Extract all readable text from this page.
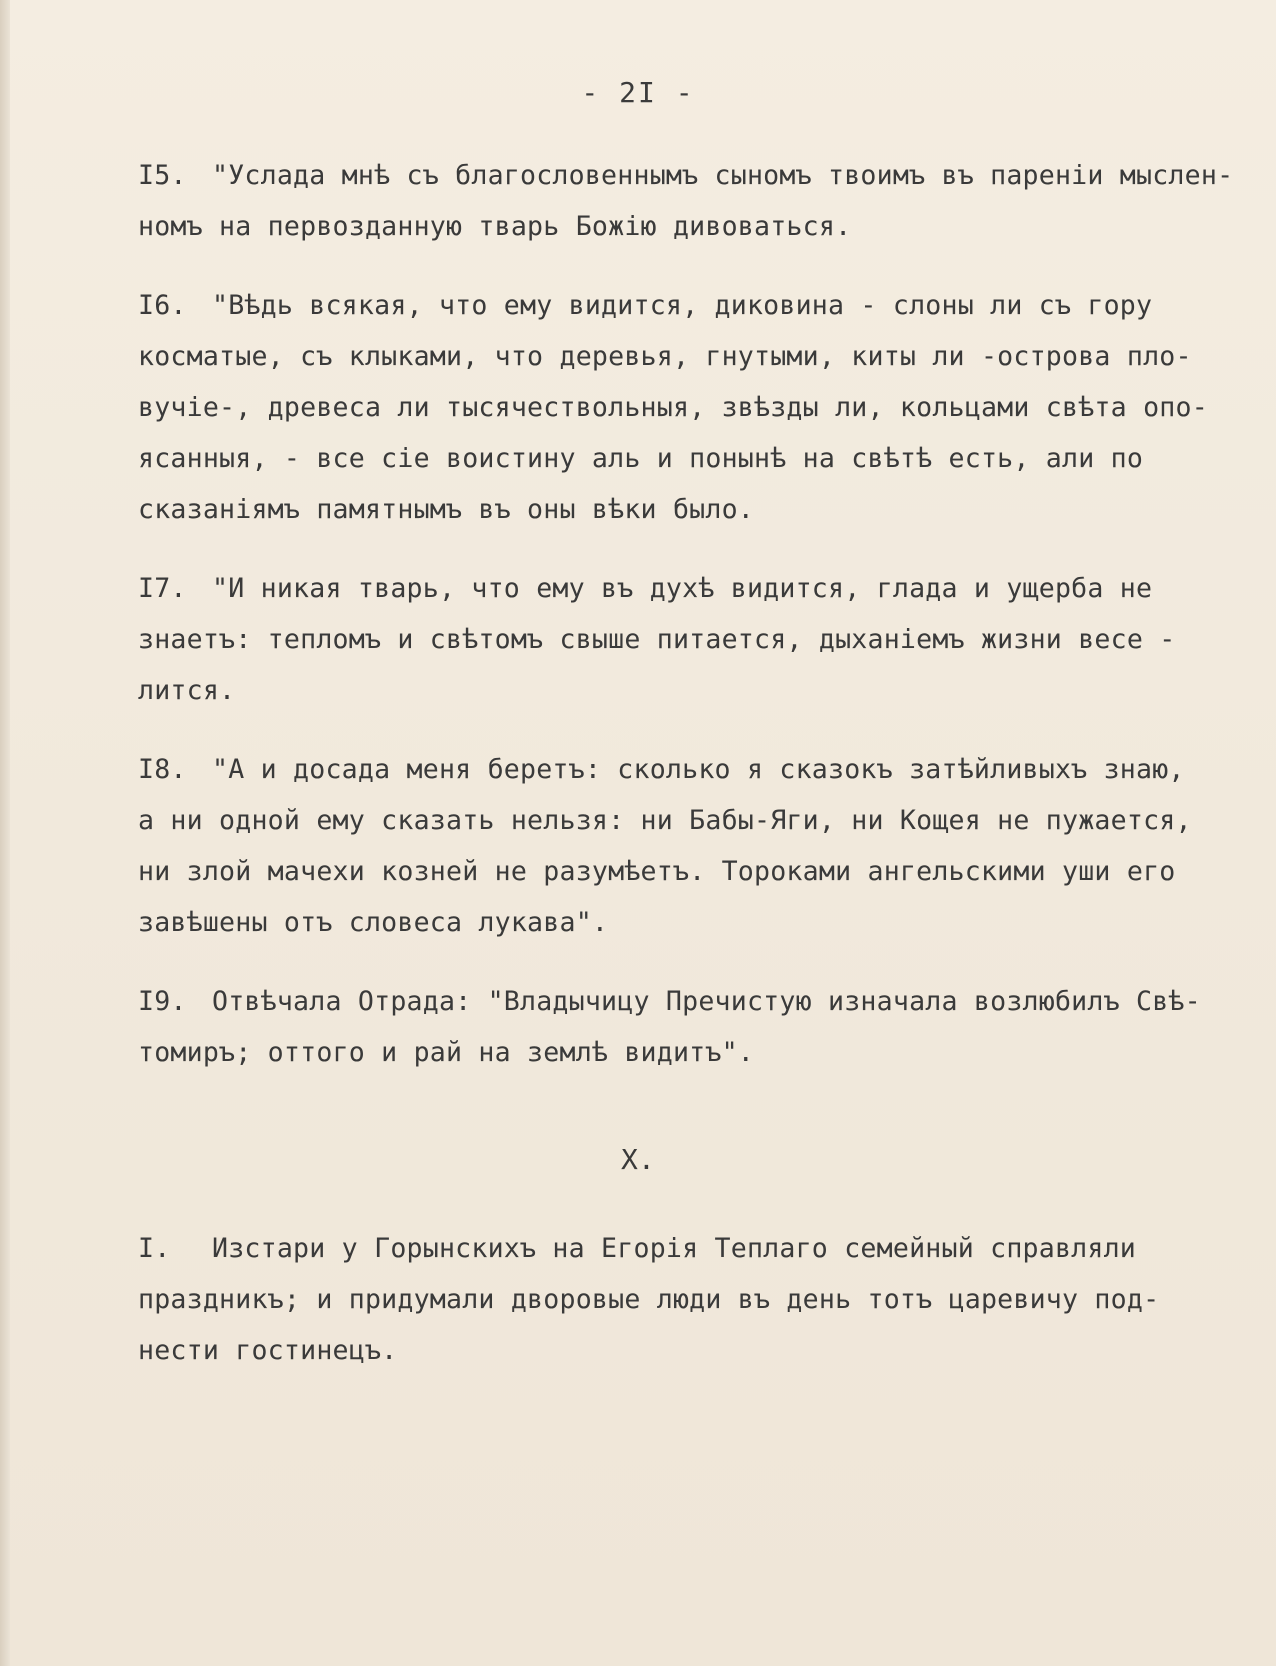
- 2I -
I5. "Услада мнѣ съ благословеннымъ сыномъ твоимъ въ пареніи мыслен-
номъ на первозданную тварь Божію дивоваться.
I6. "Вѣдь всякая, что ему видится, диковина - слоны ли съ гору
косматые, съ клыками, что деревья, гнутыми, киты ли -острова пло-
вучіе-, древеса ли тысячествольныя, звѣзды ли, кольцами свѣта опо-
ясанныя, - все сіе воистину аль и понынѣ на свѣтѣ есть, али по
сказаніямъ памятнымъ въ оны вѣки было.
I7. "И никая тварь, что ему въ духѣ видится, глада и ущерба не
знаетъ: тепломъ и свѣтомъ свыше питается, дыханіемъ жизни весе -
лится.
I8. "А и досада меня беретъ: сколько я сказокъ затѣйливыхъ знаю,
а ни одной ему сказать нельзя: ни Бабы-Яги, ни Кощея не пужается,
ни злой мачехи козней не разумѣетъ. Тороками ангельскими уши его
завѣшены отъ словеса лукава".
I9. Отвѣчала Отрада: "Владычицу Пречистую изначала возлюбилъ Свѣ-
томиръ; оттого и рай на землѣ видитъ".
Х.
I. Изстари у Горынскихъ на Егорія Теплаго семейный справляли
праздникъ; и придумали дворовые люди въ день тотъ царевичу под-
нести гостинецъ.
